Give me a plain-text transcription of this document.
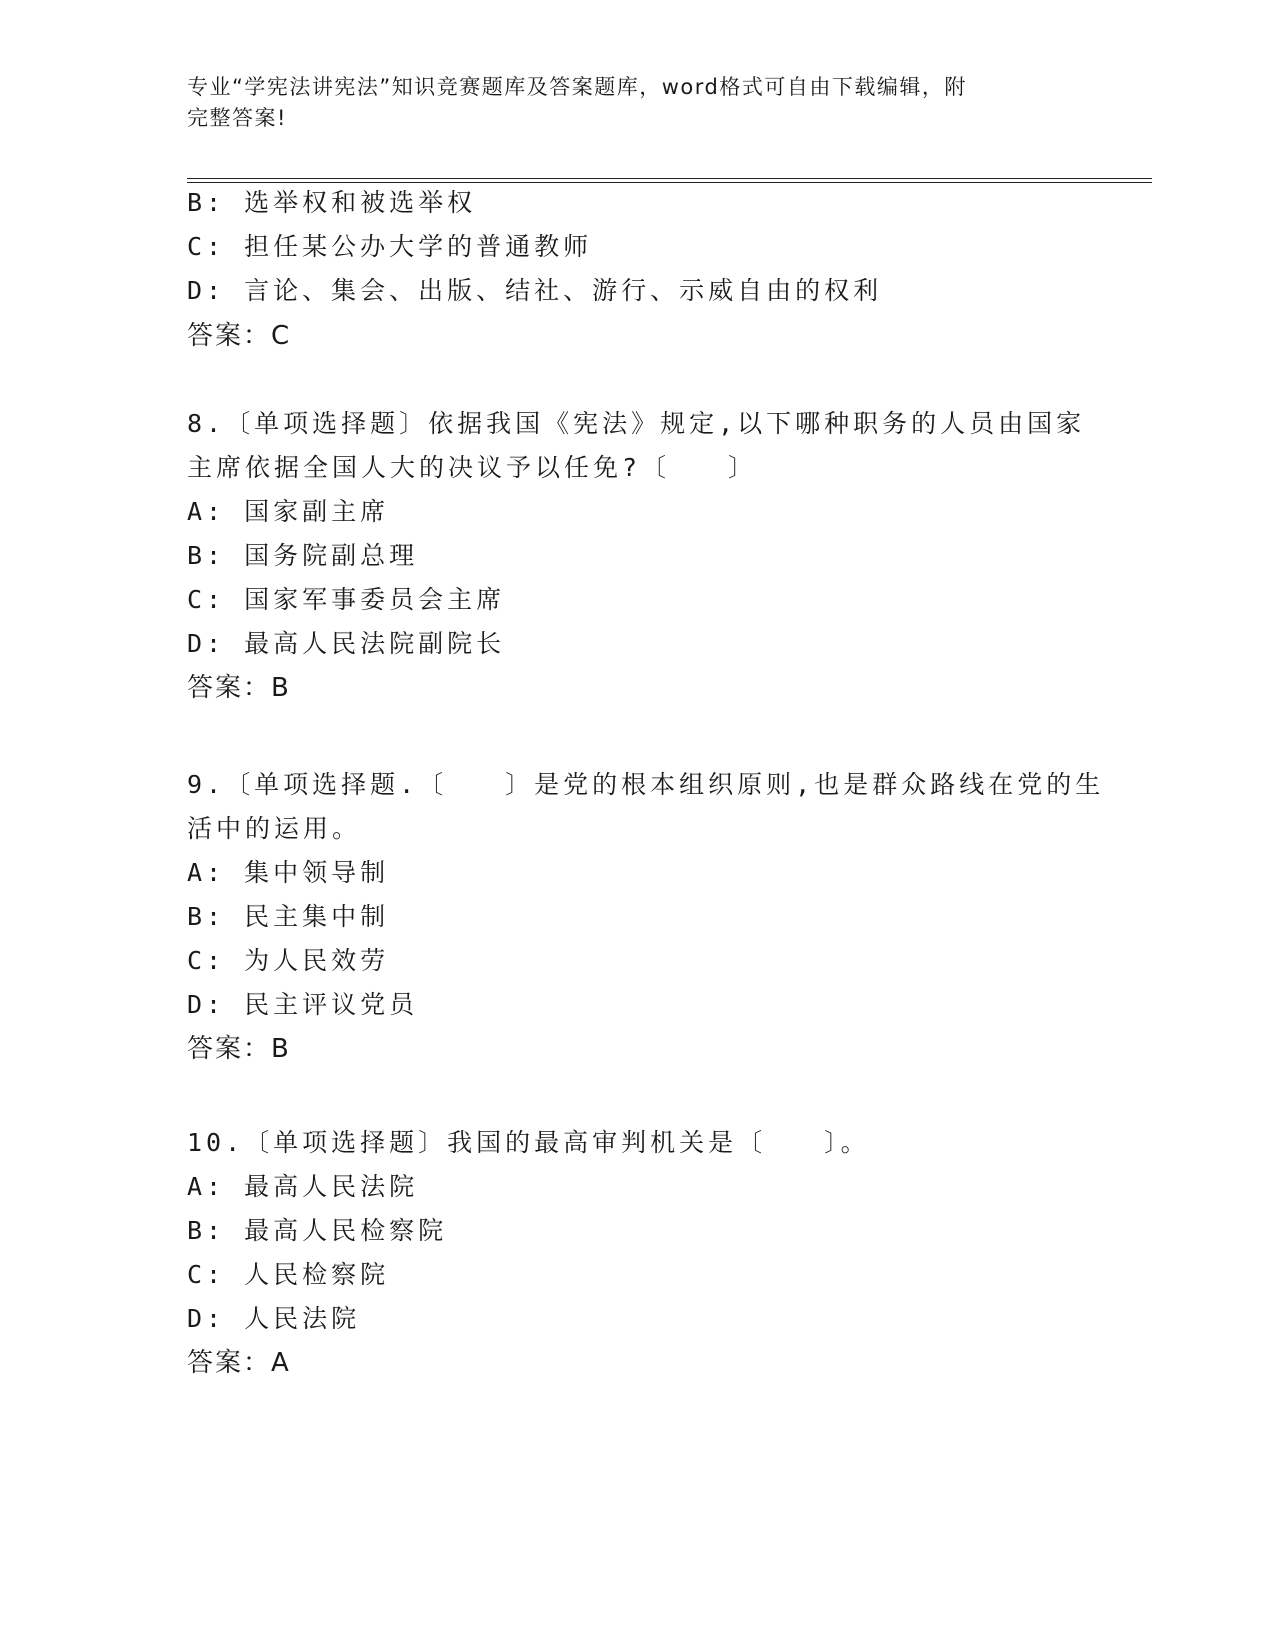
专业“学宪法讲宪法”知识竞赛题库及答案题库，word格式可自由下载编辑，附
完整答案!
B: 选举权和被选举权
C: 担任某公办大学的普通教师
D: 言论、集会、出版、结社、游行、示威自由的权利
答案：C
8.〔单项选择题〕依据我国《宪法》规定,以下哪种职务的人员由国家
主席依据全国人大的决议予以任免?〔　　〕
A: 国家副主席
B: 国务院副总理
C: 国家军事委员会主席
D: 最高人民法院副院长
答案：B
9.〔单项选择题.〔　　〕是党的根本组织原则,也是群众路线在党的生
活中的运用。
A: 集中领导制
B: 民主集中制
C: 为人民效劳
D: 民主评议党员
答案：B
10.〔单项选择题〕我国的最高审判机关是〔　　〕。
A: 最高人民法院
B: 最高人民检察院
C: 人民检察院
D: 人民法院
答案：A
